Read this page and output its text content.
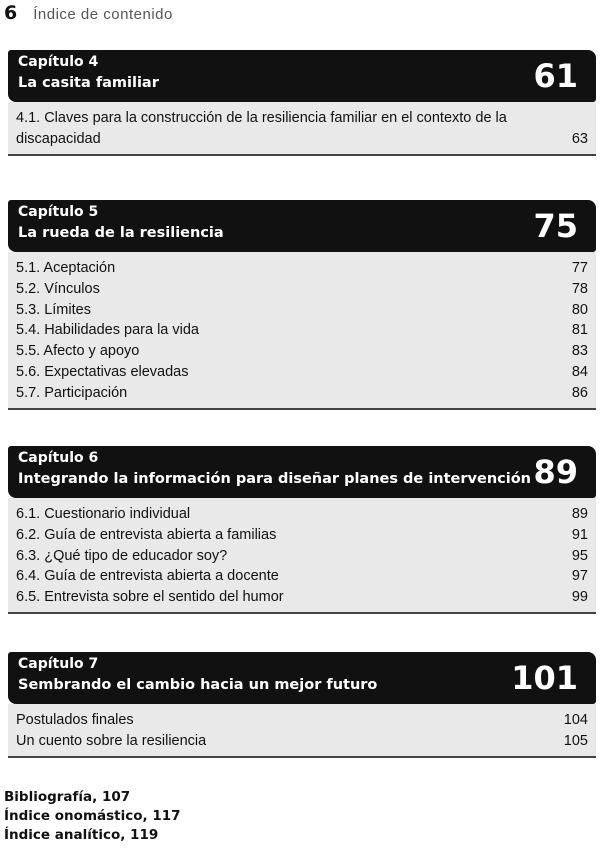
6 Índice de contenido
Capítulo 4
La casita familiar	61
4.1. Claves para la construcción de la resiliencia familiar en el contexto de la discapacidad	63
Capítulo 5
La rueda de la resiliencia	75
5.1. Aceptación	77
5.2. Vínculos	78
5.3. Límites	80
5.4. Habilidades para la vida	81
5.5. Afecto y apoyo	83
5.6. Expectativas elevadas	84
5.7. Participación	86
Capítulo 6
Integrando la información para diseñar planes de intervención 89
6.1. Cuestionario individual	89
6.2. Guía de entrevista abierta a familias	91
6.3. ¿Qué tipo de educador soy?	95
6.4. Guía de entrevista abierta a docente	97
6.5. Entrevista sobre el sentido del humor	99
Capítulo 7
Sembrando el cambio hacia un mejor futuro	101
Postulados finales	104
Un cuento sobre la resiliencia	105
Bibliografía, 107
Índice onomástico, 117
Índice analítico, 119
